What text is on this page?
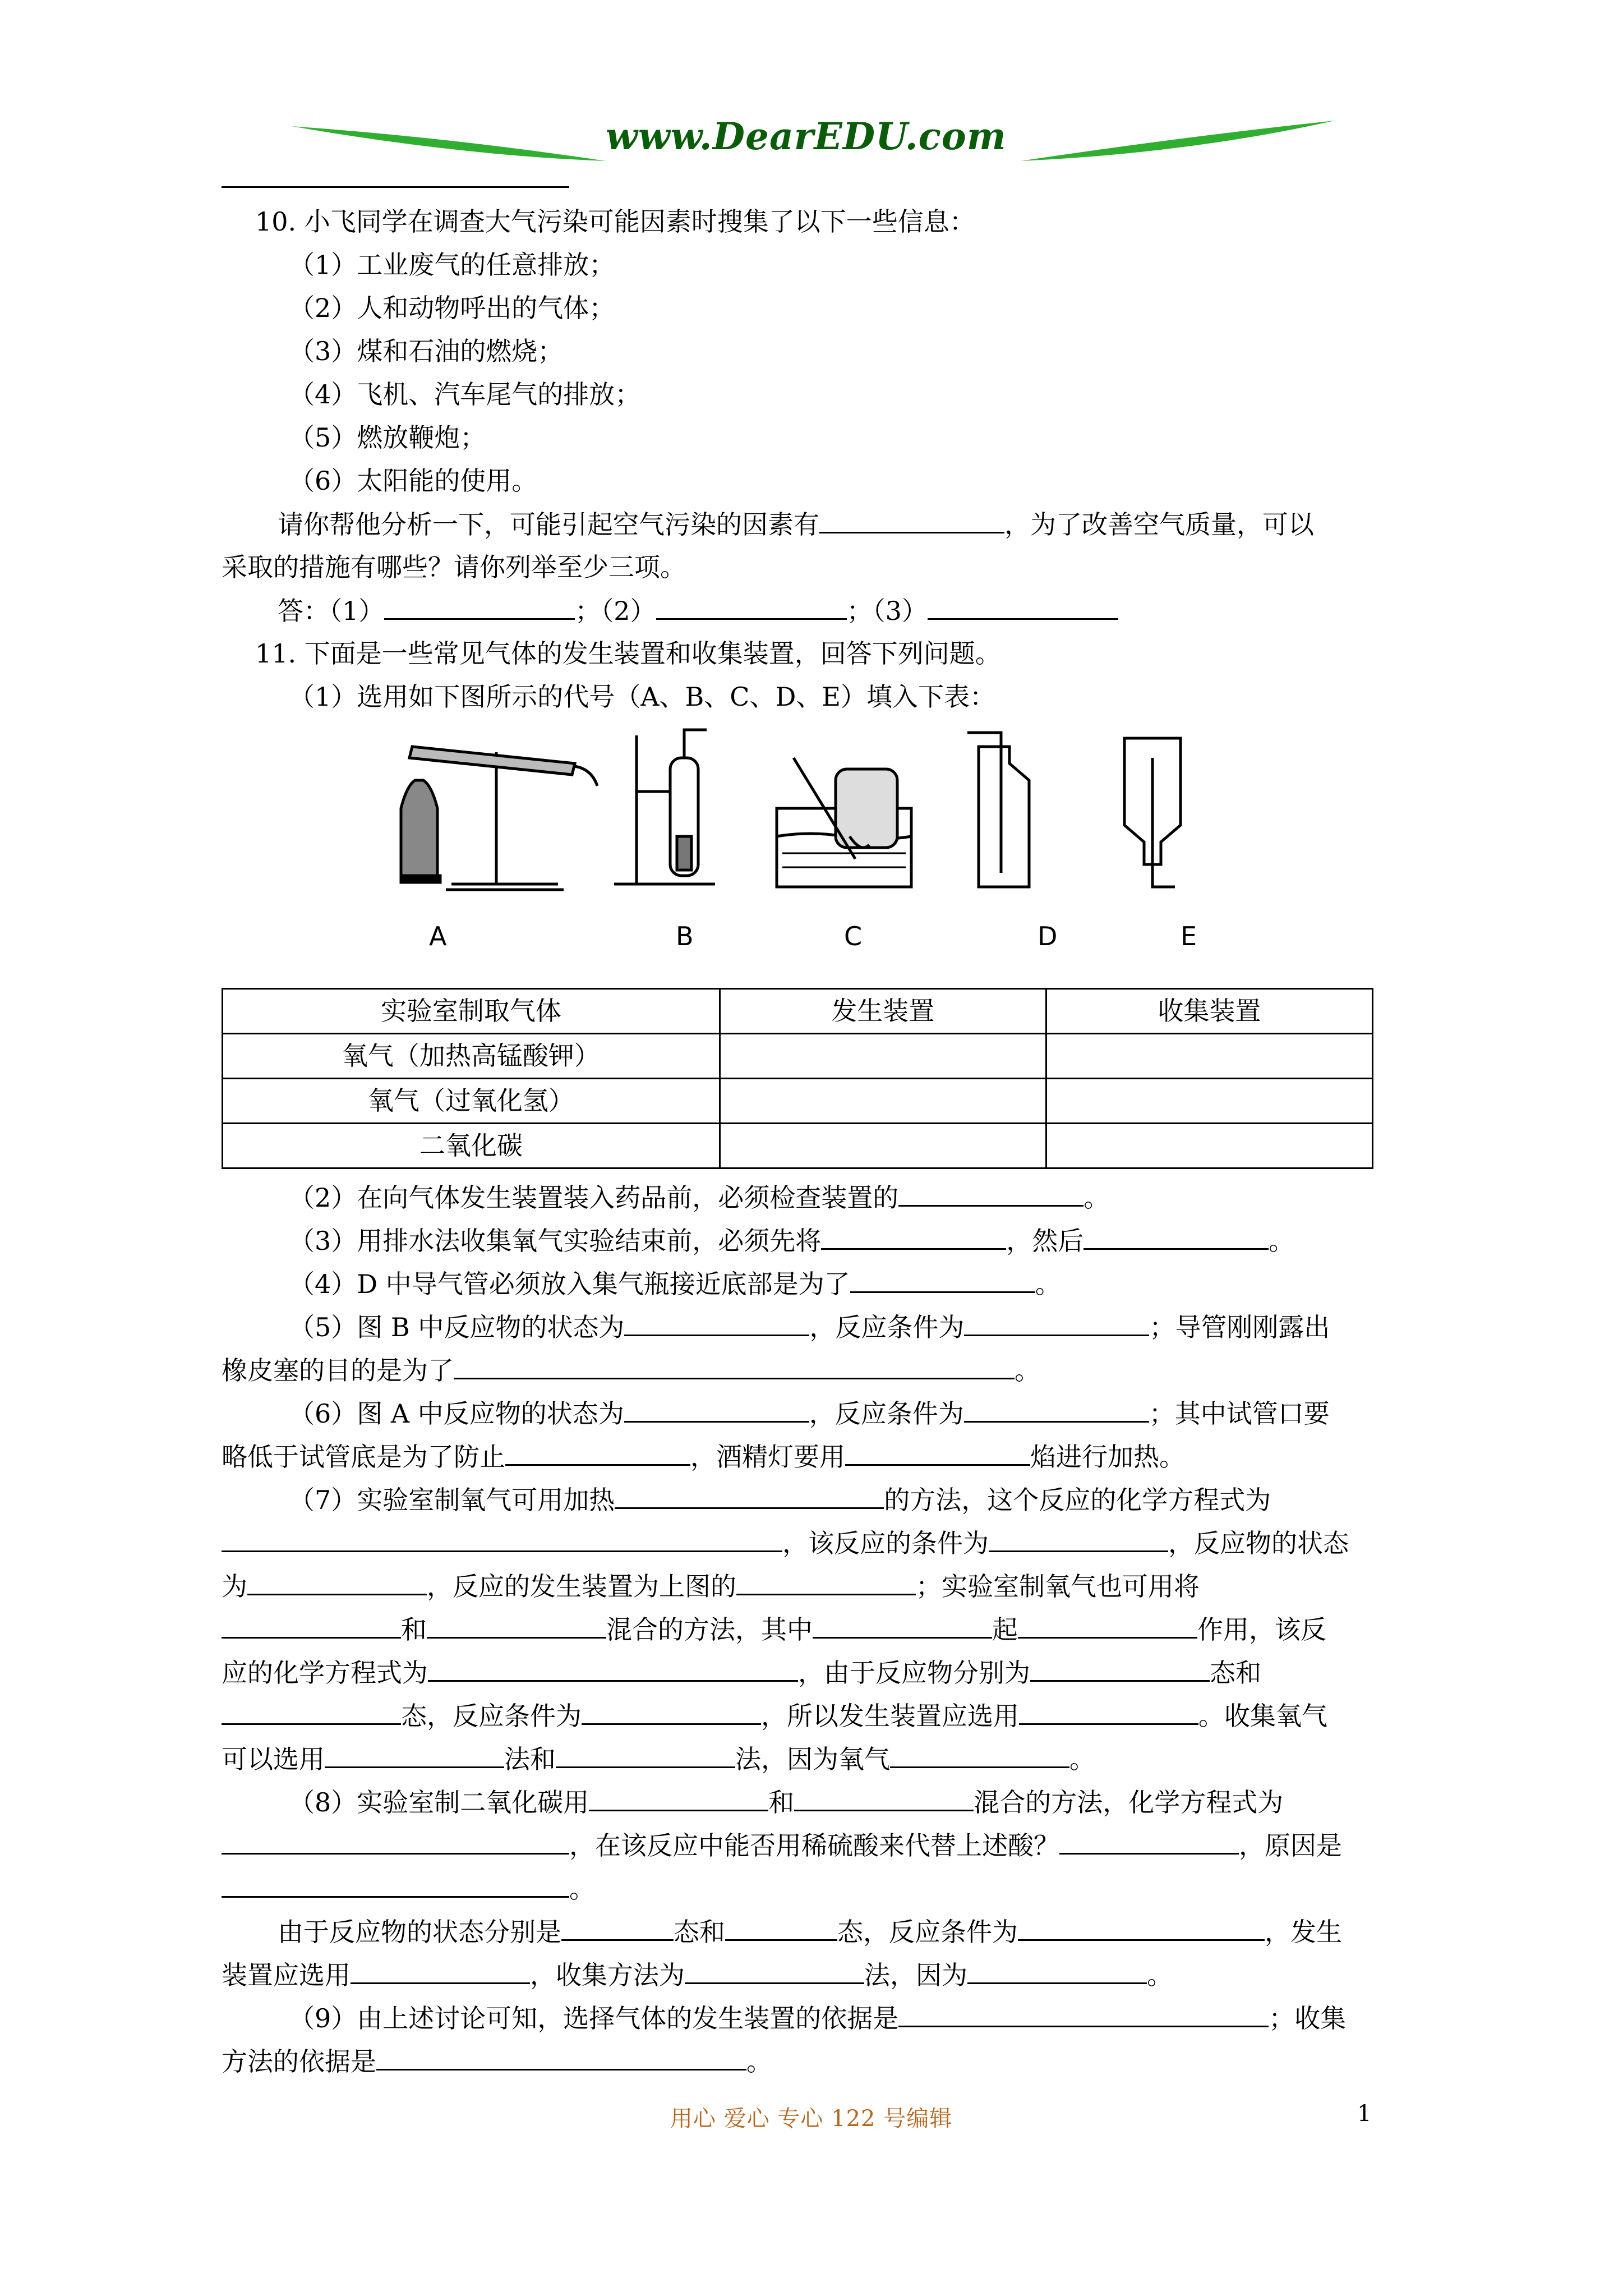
www.DearEDU.com
10. 小飞同学在调查大气污染可能因素时搜集了以下一些信息：
（1）工业废气的任意排放；
（2）人和动物呼出的气体；
（3）煤和石油的燃烧；
（4）飞机、汽车尾气的排放；
（5）燃放鞭炮；
（6）太阳能的使用。
请你帮他分析一下，可能引起空气污染的因素有	，为了改善空气质量，可以
采取的措施有哪些？请你列举至少三项。
答：（1）	；（2）	；（3）
11. 下面是一些常见气体的发生装置和收集装置，回答下列问题。
（1）选用如下图所示的代号（A、B、C、D、E）填入下表：
A	B	C	D	E
实验室制取气体	发生装置	收集装置
氧气（加热高锰酸钾）		
氧气（过氧化氢）		
二氧化碳		
（2）在向气体发生装置装入药品前，必须检查装置的	。
（3）用排水法收集氧气实验结束前，必须先将	，然后	。
（4）D 中导气管必须放入集气瓶接近底部是为了	。
（5）图 B 中反应物的状态为	，反应条件为	；导管刚刚露出
橡皮塞的目的是为了	。
（6）图 A 中反应物的状态为	，反应条件为	；其中试管口要
略低于试管底是为了防止	，酒精灯要用	焰进行加热。
（7）实验室制氧气可用加热	的方法，这个反应的化学方程式为
，该反应的条件为	，反应物的状态
为	，反应的发生装置为上图的	；实验室制氧气也可用将
和	混合的方法，其中	起	作用，该反
应的化学方程式为	，由于反应物分别为	态和
态，反应条件为	，所以发生装置应选用	。收集氧气
可以选用	法和	法，因为氧气	。
（8）实验室制二氧化碳用	和	混合的方法，化学方程式为
，在该反应中能否用稀硫酸来代替上述酸？	，原因是
。
由于反应物的状态分别是	态和	态，反应条件为	，发生
装置应选用	，收集方法为	法，因为	。
（9）由上述讨论可知，选择气体的发生装置的依据是	；收集
方法的依据是	。
用心 爱心 专心 122 号编辑	1
